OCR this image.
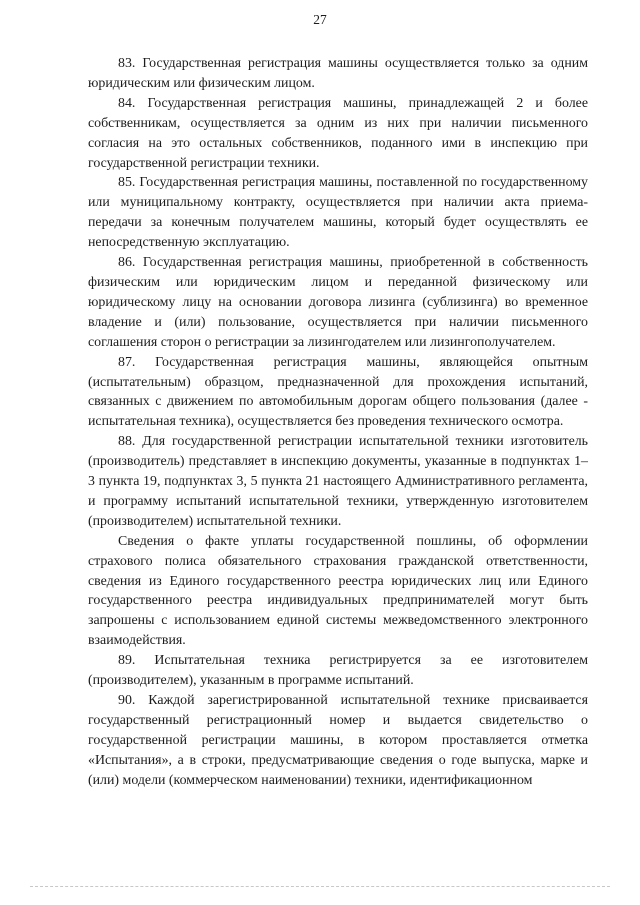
27

83. Государственная регистрация машины осуществляется только за одним юридическим или физическим лицом.

84. Государственная регистрация машины, принадлежащей 2 и более собственникам, осуществляется за одним из них при наличии письменного согласия на это остальных собственников, поданного ими в инспекцию при государственной регистрации техники.

85. Государственная регистрация машины, поставленной по государственному или муниципальному контракту, осуществляется при наличии акта приема-передачи за конечным получателем машины, который будет осуществлять ее непосредственную эксплуатацию.

86. Государственная регистрация машины, приобретенной в собственность физическим или юридическим лицом и переданной физическому или юридическому лицу на основании договора лизинга (сублизинга) во временное владение и (или) пользование, осуществляется при наличии письменного соглашения сторон о регистрации за лизингодателем или лизингополучателем.

87. Государственная регистрация машины, являющейся опытным (испытательным) образцом, предназначенной для прохождения испытаний, связанных с движением по автомобильным дорогам общего пользования (далее - испытательная техника), осуществляется без проведения технического осмотра.

88. Для государственной регистрации испытательной техники изготовитель (производитель) представляет в инспекцию документы, указанные в подпунктах 1–3 пункта 19, подпунктах 3, 5 пункта 21 настоящего Административного регламента, и программу испытаний испытательной техники, утвержденную изготовителем (производителем) испытательной техники.

Сведения о факте уплаты государственной пошлины, об оформлении страхового полиса обязательного страхования гражданской ответственности, сведения из Единого государственного реестра юридических лиц или Единого государственного реестра индивидуальных предпринимателей могут быть запрошены с использованием единой системы межведомственного электронного взаимодействия.

89. Испытательная техника регистрируется за ее изготовителем (производителем), указанным в программе испытаний.

90. Каждой зарегистрированной испытательной технике присваивается государственный регистрационный номер и выдается свидетельство о государственной регистрации машины, в котором проставляется отметка «Испытания», а в строки, предусматривающие сведения о годе выпуска, марке и (или) модели (коммерческом наименовании) техники, идентификационном
